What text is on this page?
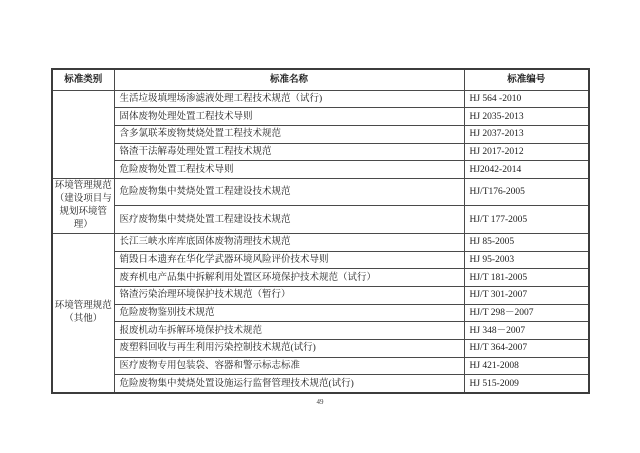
标准类别	标准名称	标准编号
	生活垃圾填埋场渗滤液处理工程技术规范（试行)	HJ 564 -2010
	固体废物处理处置工程技术导则	HJ 2035-2013
	含多氯联苯废物焚烧处置工程技术规范	HJ 2037-2013
	铬渣干法解毒处理处置工程技术规范	HJ 2017-2012
	危险废物处置工程技术导则	HJ2042-2014

环境管理规范
（建设项目与
规划环境管理）	危险废物集中焚烧处置工程建设技术规范	HJ/T176-2005
	医疗废物集中焚烧处置工程建设技术规范	HJ/T 177-2005

环境管理规范
（其他）	长江三峡水库库底固体废物清理技术规范	HJ 85-2005
	销毁日本遗弃在华化学武器环境风险评价技术导则	HJ 95-2003
	废弃机电产品集中拆解利用处置区环境保护技术规范（试行）	HJ/T 181-2005
	铬渣污染治理环境保护技术规范（暂行）	HJ/T 301-2007
	危险废物鉴别技术规范	HJ/T 298－2007
	报废机动车拆解环境保护技术规范	HJ 348－2007
	废塑料回收与再生利用污染控制技术规范(试行)	HJ/T 364-2007
	医疗废物专用包装袋、容器和警示标志标准	HJ 421-2008
	危险废物集中焚烧处置设施运行监督管理技术规范(试行)	HJ 515-2009
49
